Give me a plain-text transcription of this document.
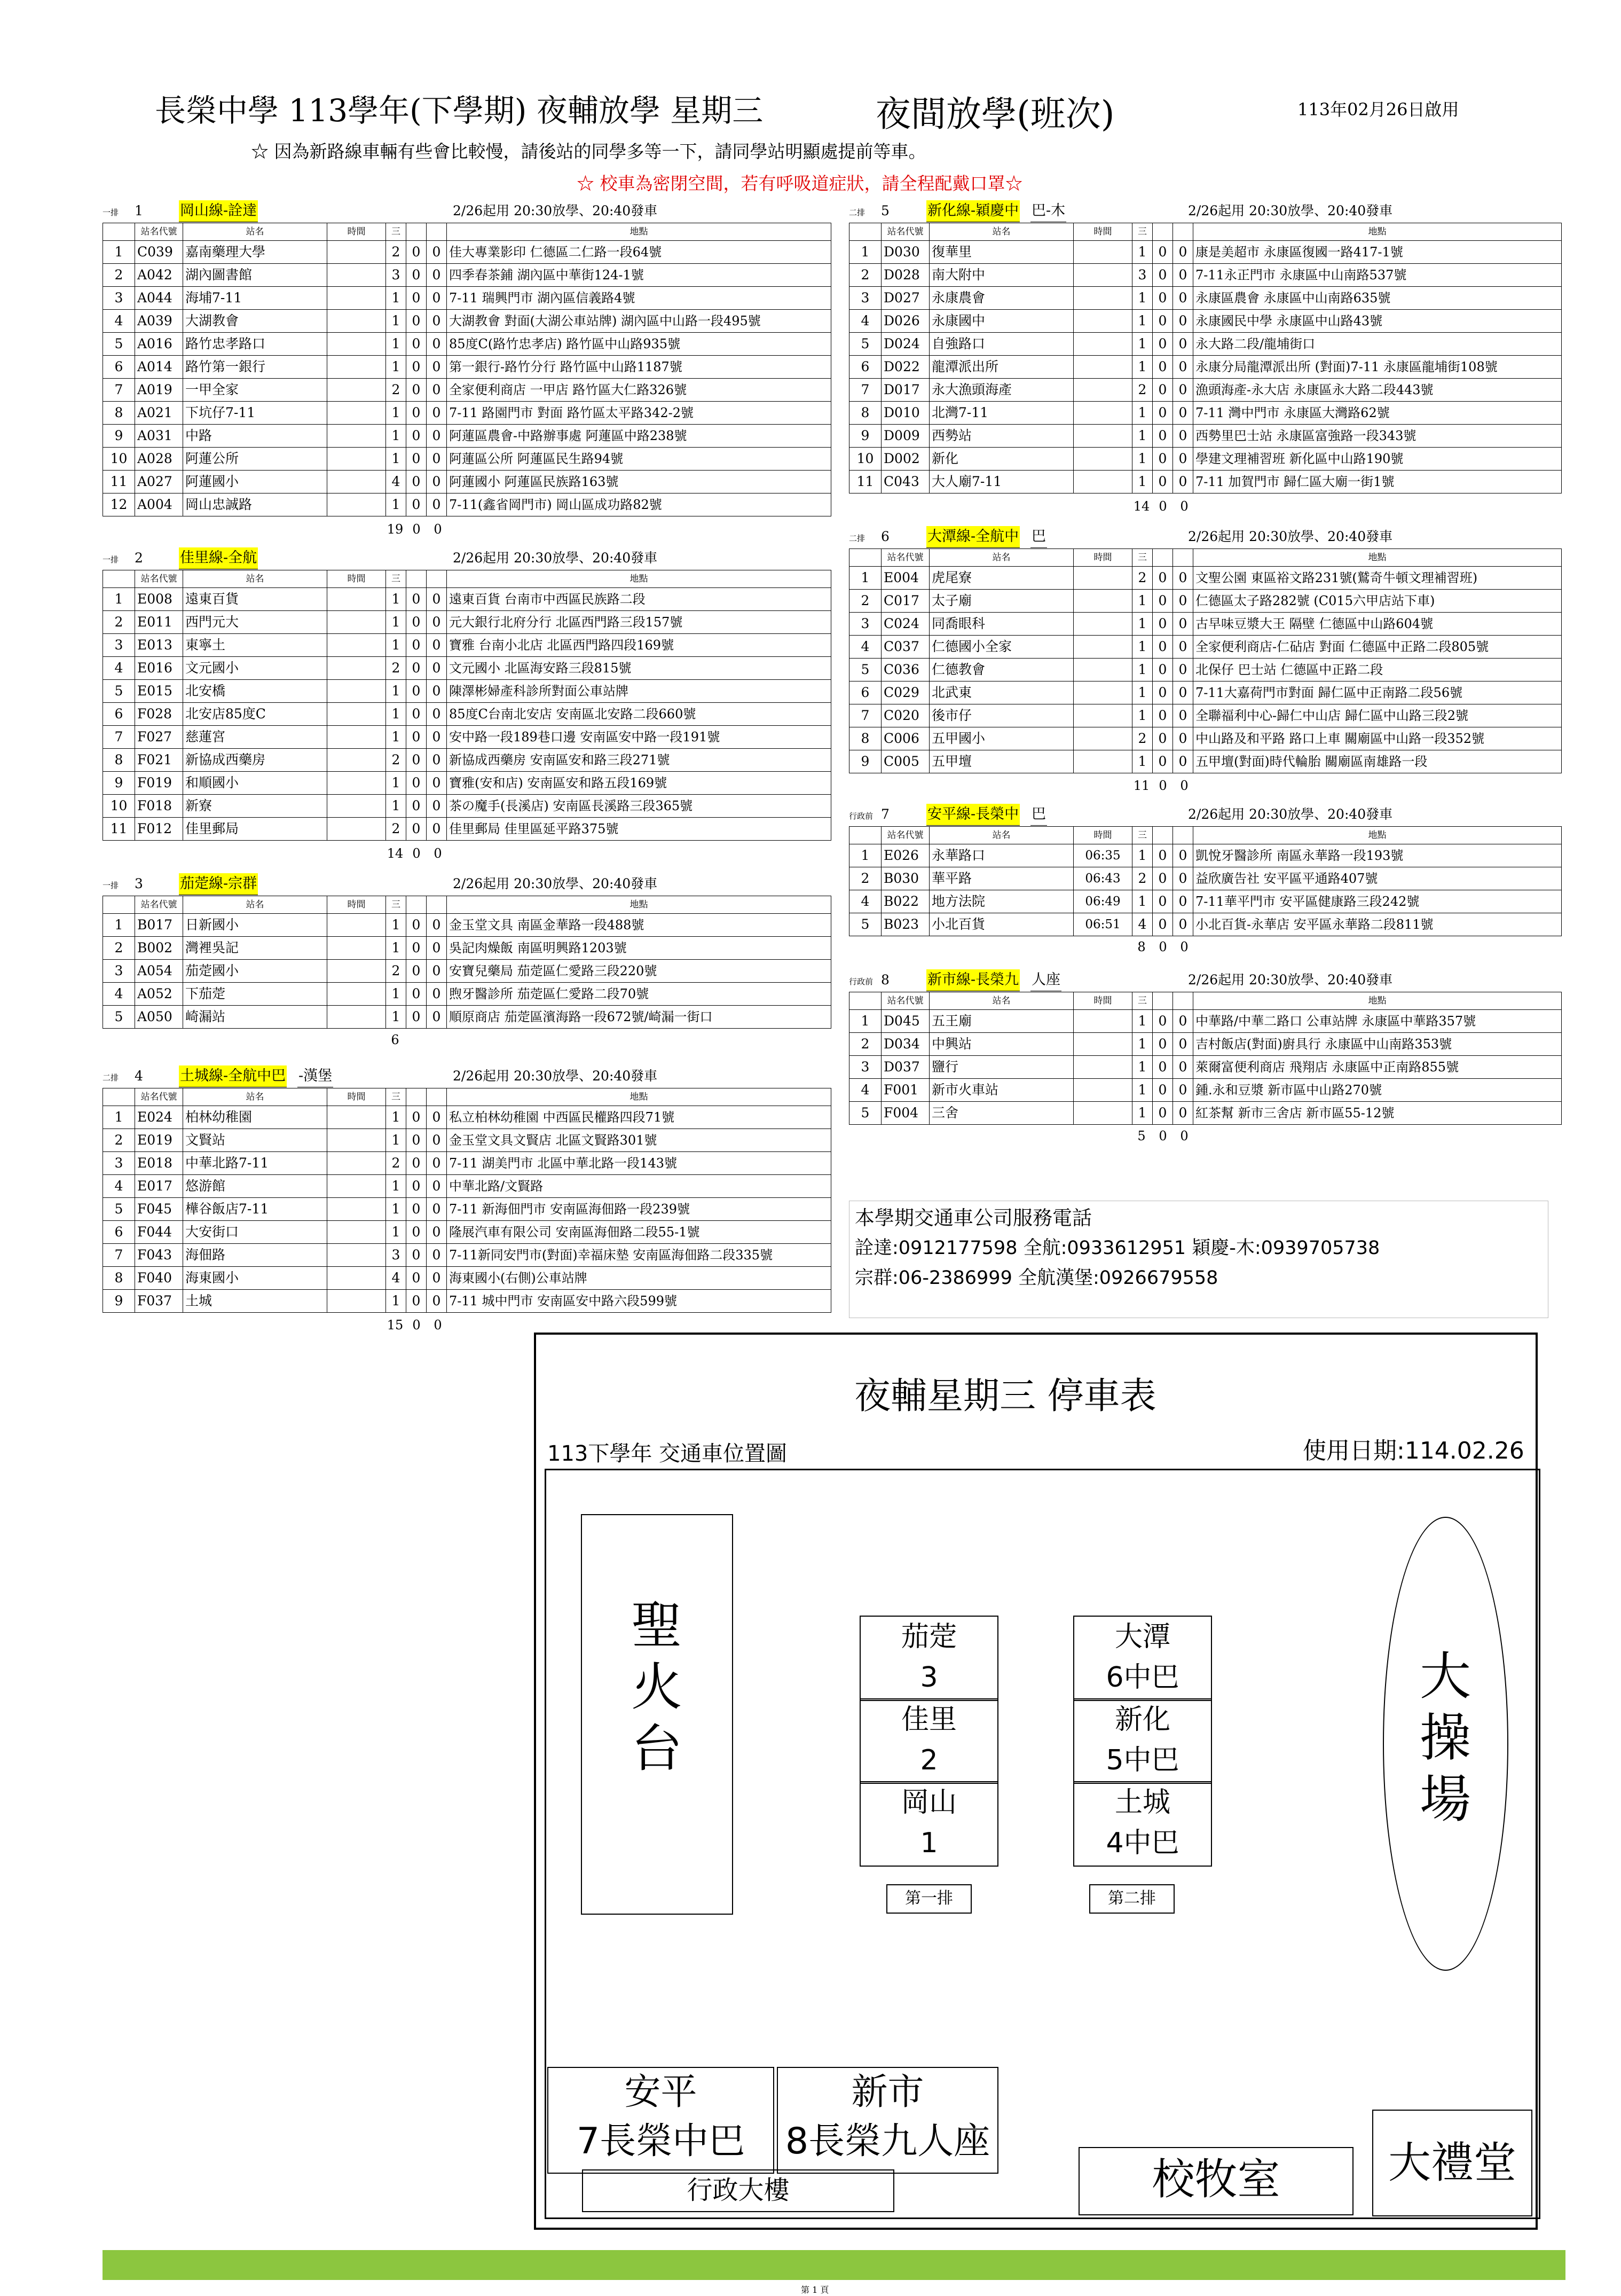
長榮中學 113學年(下學期) 夜輔放學 星期三	夜間放學(班次)	113年02月26日啟用
☆ 因為新路線車輛有些會比較慢，請後站的同學多等一下，請同學站明顯處提前等車。
☆ 校車為密閉空間，若有呼吸道症狀，請全程配戴口罩☆
一排 1	岡山線-詮達	2/26起用 20:30放學、20:40發車
	站名代號	站名	時間	三			地點
1	C039	嘉南藥理大學		2	0	0	佳大專業影印 仁德區二仁路一段64號
2	A042	湖內圖書館		3	0	0	四季春茶鋪 湖內區中華街124-1號
3	A044	海埔7-11		1	0	0	7-11 瑞興門市 湖內區信義路4號
4	A039	大湖教會		1	0	0	大湖教會 對面(大湖公車站牌) 湖內區中山路一段495號
5	A016	路竹忠孝路口		1	0	0	85度C(路竹忠孝店) 路竹區中山路935號
6	A014	路竹第一銀行		1	0	0	第一銀行-路竹分行 路竹區中山路1187號
7	A019	一甲全家		2	0	0	全家便利商店 一甲店 路竹區大仁路326號
8	A021	下坑仔7-11		1	0	0	7-11 路園門市 對面 路竹區太平路342-2號
9	A031	中路		1	0	0	阿蓮區農會-中路辦事處 阿蓮區中路238號
10	A028	阿蓮公所		1	0	0	阿蓮區公所 阿蓮區民生路94號
11	A027	阿蓮國小		4	0	0	阿蓮國小 阿蓮區民族路163號
12	A004	岡山忠誠路		1	0	0	7-11(鑫省岡門市) 岡山區成功路82號
19 0 0
一排 2	佳里線-全航	2/26起用 20:30放學、20:40發車
	站名代號	站名	時間	三			地點
1	E008	遠東百貨		1	0	0	遠東百貨 台南市中西區民族路二段
2	E011	西門元大		1	0	0	元大銀行北府分行 北區西門路三段157號
3	E013	東寧土		1	0	0	寶雅 台南小北店 北區西門路四段169號
4	E016	文元國小		2	0	0	文元國小 北區海安路三段815號
5	E015	北安橋		1	0	0	陳澤彬婦產科診所對面公車站牌
6	F028	北安店85度C		1	0	0	85度C台南北安店 安南區北安路二段660號
7	F027	慈蓮宮		1	0	0	安中路一段189巷口邊 安南區安中路一段191號
8	F021	新協成西藥房		2	0	0	新協成西藥房 安南區安和路三段271號
9	F019	和順國小		1	0	0	寶雅(安和店) 安南區安和路五段169號
10	F018	新寮		1	0	0	茶の魔手(長溪店) 安南區長溪路三段365號
11	F012	佳里郵局		2	0	0	佳里郵局 佳里區延平路375號
14 0 0
一排 3	茄萣線-宗群	2/26起用 20:30放學、20:40發車
	站名代號	站名	時間	三			地點
1	B017	日新國小		1	0	0	金玉堂文具 南區金華路一段488號
2	B002	灣裡吳記		1	0	0	吳記肉燥飯 南區明興路1203號
3	A054	茄萣國小		2	0	0	安寶兒藥局 茄萣區仁愛路三段220號
4	A052	下茄萣		1	0	0	煦牙醫診所 茄萣區仁愛路二段70號
5	A050	崎漏站		1	0	0	順原商店 茄萣區濱海路一段672號/崎漏一街口
6
二排 4	土城線-全航中巴 -漢堡	2/26起用 20:30放學、20:40發車
	站名代號	站名	時間	三			地點
1	E024	柏林幼稚園		1	0	0	私立柏林幼稚園 中西區民權路四段71號
2	E019	文賢站		1	0	0	金玉堂文具文賢店 北區文賢路301號
3	E018	中華北路7-11		2	0	0	7-11 湖美門市 北區中華北路一段143號
4	E017	悠游館		1	0	0	中華北路/文賢路
5	F045	樺谷飯店7-11		1	0	0	7-11 新海佃門市 安南區海佃路一段239號
6	F044	大安街口		1	0	0	隆展汽車有限公司 安南區海佃路二段55-1號
7	F043	海佃路		3	0	0	7-11新同安門市(對面)幸福床墊 安南區海佃路二段335號
8	F040	海東國小		4	0	0	海東國小(右側)公車站牌
9	F037	土城		1	0	0	7-11 城中門市 安南區安中路六段599號
15 0 0
二排 5	新化線-穎慶中 巴-木	2/26起用 20:30放學、20:40發車
	站名代號	站名	時間	三			地點
1	D030	復華里		1	0	0	康是美超市 永康區復國一路417-1號
2	D028	南大附中		3	0	0	7-11永正門市 永康區中山南路537號
3	D027	永康農會		1	0	0	永康區農會 永康區中山南路635號
4	D026	永康國中		1	0	0	永康國民中學 永康區中山路43號
5	D024	自強路口		1	0	0	永大路二段/龍埔街口
6	D022	龍潭派出所		1	0	0	永康分局龍潭派出所 (對面)7-11 永康區龍埔街108號
7	D017	永大漁頭海產		2	0	0	漁頭海產-永大店 永康區永大路二段443號
8	D010	北灣7-11		1	0	0	7-11 灣中門市 永康區大灣路62號
9	D009	西勢站		1	0	0	西勢里巴士站 永康區富強路一段343號
10	D002	新化		1	0	0	學建文理補習班 新化區中山路190號
11	C043	大人廟7-11		1	0	0	7-11 加賀門市 歸仁區大廟一街1號
14 0 0
二排 6	大潭線-全航中 巴	2/26起用 20:30放學、20:40發車
	站名代號	站名	時間	三			地點
1	E004	虎尾寮		2	0	0	文聖公園 東區裕文路231號(鷲奇牛頓文理補習班)
2	C017	太子廟		1	0	0	仁德區太子路282號 (C015六甲店站下車)
3	C024	同喬眼科		1	0	0	古早味豆漿大王 隔壁 仁德區中山路604號
4	C037	仁德國小全家		1	0	0	全家便利商店-仁砧店 對面 仁德區中正路二段805號
5	C036	仁德教會		1	0	0	北保仔 巴士站 仁德區中正路二段
6	C029	北武東		1	0	0	7-11大嘉荷門市對面 歸仁區中正南路二段56號
7	C020	後市仔		1	0	0	全聯福利中心-歸仁中山店 歸仁區中山路三段2號
8	C006	五甲國小		2	0	0	中山路及和平路 路口上車 關廟區中山路一段352號
9	C005	五甲壇		1	0	0	五甲壇(對面)時代輪胎 關廟區南雄路一段
11 0 0
行政前 7	安平線-長榮中 巴	2/26起用 20:30放學、20:40發車
	站名代號	站名	時間	三			地點
1	E026	永華路口	06:35	1	0	0	凱悅牙醫診所 南區永華路一段193號
2	B030	華平路	06:43	2	0	0	益欣廣告社 安平區平通路407號
4	B022	地方法院	06:49	1	0	0	7-11華平門市 安平區健康路三段242號
5	B023	小北百貨	06:51	4	0	0	小北百貨-永華店 安平區永華路二段811號
8 0 0
行政前 8	新市線-長榮九 人座	2/26起用 20:30放學、20:40發車
	站名代號	站名	時間	三			地點
1	D045	五王廟		1	0	0	中華路/中華二路口 公車站牌 永康區中華路357號
2	D034	中興站		1	0	0	吉村飯店(對面)廚具行 永康區中山南路353號
3	D037	鹽行		1	0	0	萊爾富便利商店 飛翔店 永康區中正南路855號
4	F001	新市火車站		1	0	0	鍾.永和豆漿 新市區中山路270號
5	F004	三舍		1	0	0	紅茶幫 新市三舍店 新市區55-12號
5 0 0
本學期交通車公司服務電話
詮達:0912177598 全航:0933612951 穎慶-木:0939705738
宗群:06-2386999 全航漢堡:0926679558
夜輔星期三 停車表
113下學年 交通車位置圖	使用日期:114.02.26
聖
火
台
大
操
場
茄萣
3
佳里
2
岡山
1
大潭
6中巴
新化
5中巴
土城
4中巴
第一排	第二排
安平
7長榮中巴
新市
8長榮九人座
行政大樓	校牧室	大禮堂
第 1 頁
